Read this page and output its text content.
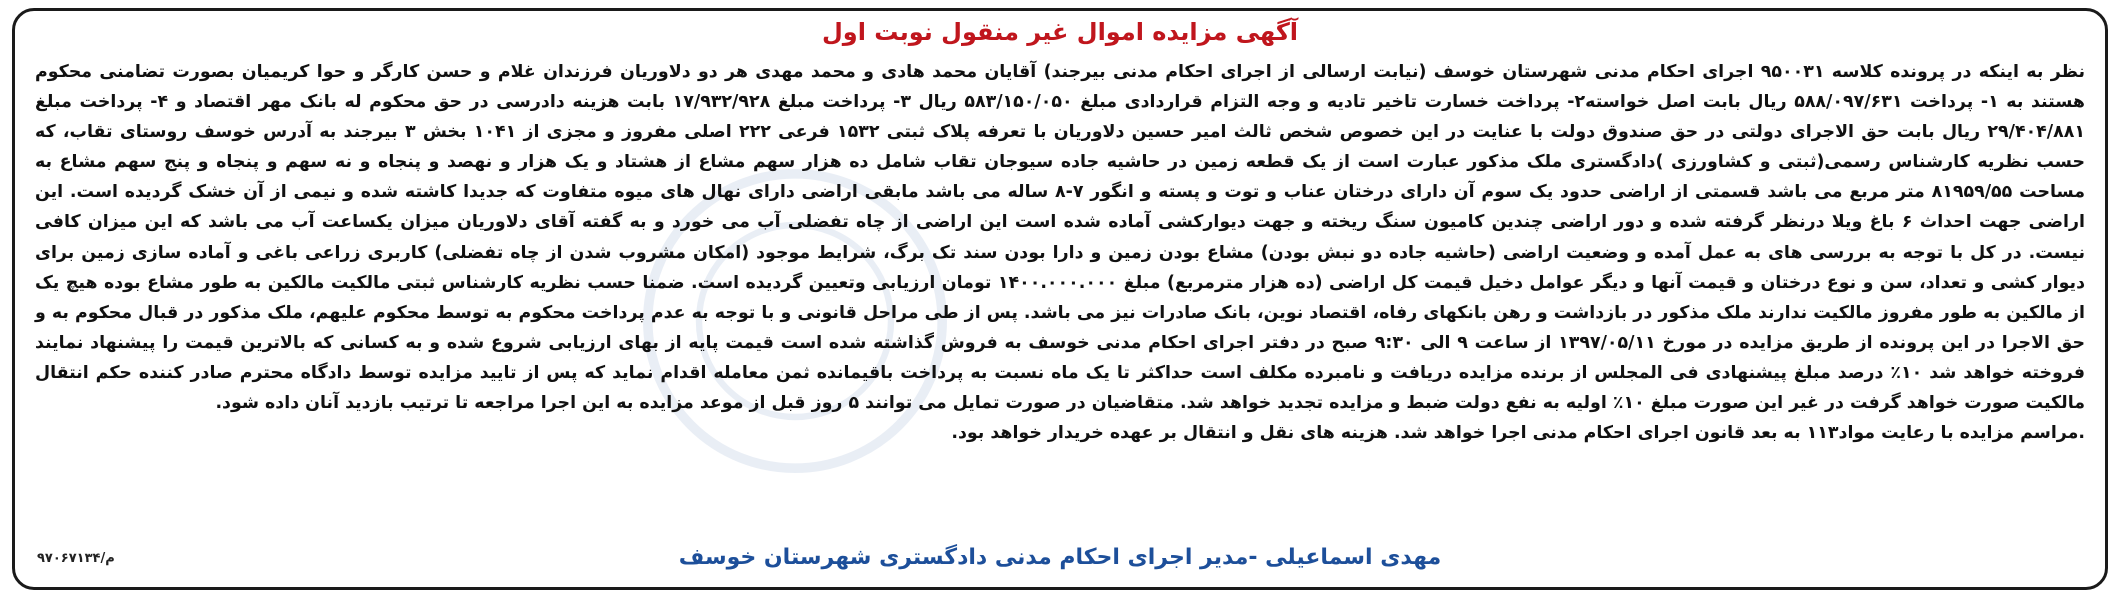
آگهی مزایده اموال غیر منقول نوبت اول

نظر به اینکه در پرونده کلاسه ۹۵۰۰۳۱ اجرای احکام مدنی شهرستان خوسف (نیابت ارسالی از اجرای احکام مدنی بیرجند) آقایان محمد هادی و محمد مهدی هر دو دلاوریان فرزندان غلام و حسن کارگر و حوا کریمیان بصورت تضامنی محکوم هستند به ۱- پرداخت ۵۸۸/۰۹۷/۶۳۱ ریال بابت اصل خواسته۲- پرداخت خسارت تاخیر تادیه و وجه التزام قراردادی مبلغ ۵۸۳/۱۵۰/۰۵۰ ریال ۳- پرداخت مبلغ ۱۷/۹۳۲/۹۲۸ بابت هزینه دادرسی در حق محکوم له بانک مهر اقتصاد و ۴- پرداخت مبلغ ۲۹/۴۰۴/۸۸۱ ریال بابت حق الاجرای دولتی در حق صندوق دولت با عنایت در این خصوص شخص ثالث امیر حسین دلاوریان با تعرفه پلاک ثبتی ۱۵۳۲ فرعی ۲۲۲ اصلی مفروز و مجزی از ۱۰۴۱ بخش ۳ بیرجند به آدرس خوسف روستای تقاب، که حسب نظریه کارشناس رسمی(ثبتی و کشاورزی )دادگستری ملک مذکور عبارت است از یک قطعه زمین در حاشیه جاده سیوجان تقاب شامل ده هزار سهم مشاع از هشتاد و یک هزار و نهصد و پنجاه و نه سهم و پنجاه و پنج سهم مشاع به مساحت ۸۱۹۵۹/۵۵ متر مربع می باشد قسمتی از اراضی حدود یک سوم آن دارای درختان عناب و توت و پسته و انگور ۷-۸ ساله می باشد مابقی اراضی دارای نهال های میوه متفاوت که جدیدا کاشته شده و نیمی از آن خشک گردیده است. این اراضی جهت احداث ۶ باغ ویلا درنظر گرفته شده و دور اراضی چندین کامیون سنگ ریخته و جهت دیوارکشی آماده شده است این اراضی از چاه تفضلی آب می خورد و به گفته آقای دلاوریان میزان یکساعت آب می باشد که این میزان کافی نیست. در کل با توجه به بررسی های به عمل آمده و وضعیت اراضی (حاشیه جاده دو نبش بودن) مشاع بودن زمین و دارا بودن سند تک برگ، شرایط موجود (امکان مشروب شدن از چاه تفضلی) کاربری زراعی باغی و آماده سازی زمین برای دیوار کشی و تعداد، سن و نوع درختان و قیمت آنها و دیگر عوامل دخیل قیمت کل اراضی (ده هزار مترمربع) مبلغ ۱۴۰۰.۰۰۰.۰۰۰ تومان ارزیابی وتعیین گردیده است. ضمنا حسب نظریه کارشناس ثبتی مالکیت مالکین به طور مشاع بوده هیچ یک از مالکین به طور مفروز مالکیت ندارند ملک مذکور در بازداشت و رهن بانکهای رفاه، اقتصاد نوین، بانک صادرات نیز می باشد. پس از طی مراحل قانونی و با توجه به عدم پرداخت محکوم به توسط محکوم علیهم، ملک مذکور در قبال محکوم به و حق الاجرا در این پرونده از طریق مزایده در مورخ ۱۳۹۷/۰۵/۱۱ از ساعت ۹ الی ۹:۳۰ صبح در دفتر اجرای احکام مدنی خوسف به فروش گذاشته شده است قیمت پایه از بهای ارزیابی شروع شده و به کسانی که بالاترین قیمت را پیشنهاد نمایند فروخته خواهد شد ۱۰٪ درصد مبلغ پیشنهادی فی المجلس از برنده مزایده دریافت و نامبرده مکلف است حداکثر تا یک ماه نسبت به پرداخت باقیمانده ثمن معامله اقدام نماید که پس از تایید مزایده توسط دادگاه محترم صادر کننده حکم انتقال مالکیت صورت خواهد گرفت در غیر این صورت مبلغ ۱۰٪ اولیه به نفع دولت ضبط و مزایده تجدید خواهد شد. متقاضیان در صورت تمایل می توانند ۵ روز قبل از موعد مزایده به این اجرا مراجعه تا ترتیب بازدید آنان داده شود.

.مراسم مزایده با رعایت مواد۱۱۳ به بعد قانون اجرای احکام مدنی اجرا خواهد شد. هزینه های نقل و انتقال بر عهده خریدار خواهد بود.

م/۹۷۰۶۷۱۳۴	مهدی اسماعیلی -مدیر اجرای احکام مدنی دادگستری شهرستان خوسف
